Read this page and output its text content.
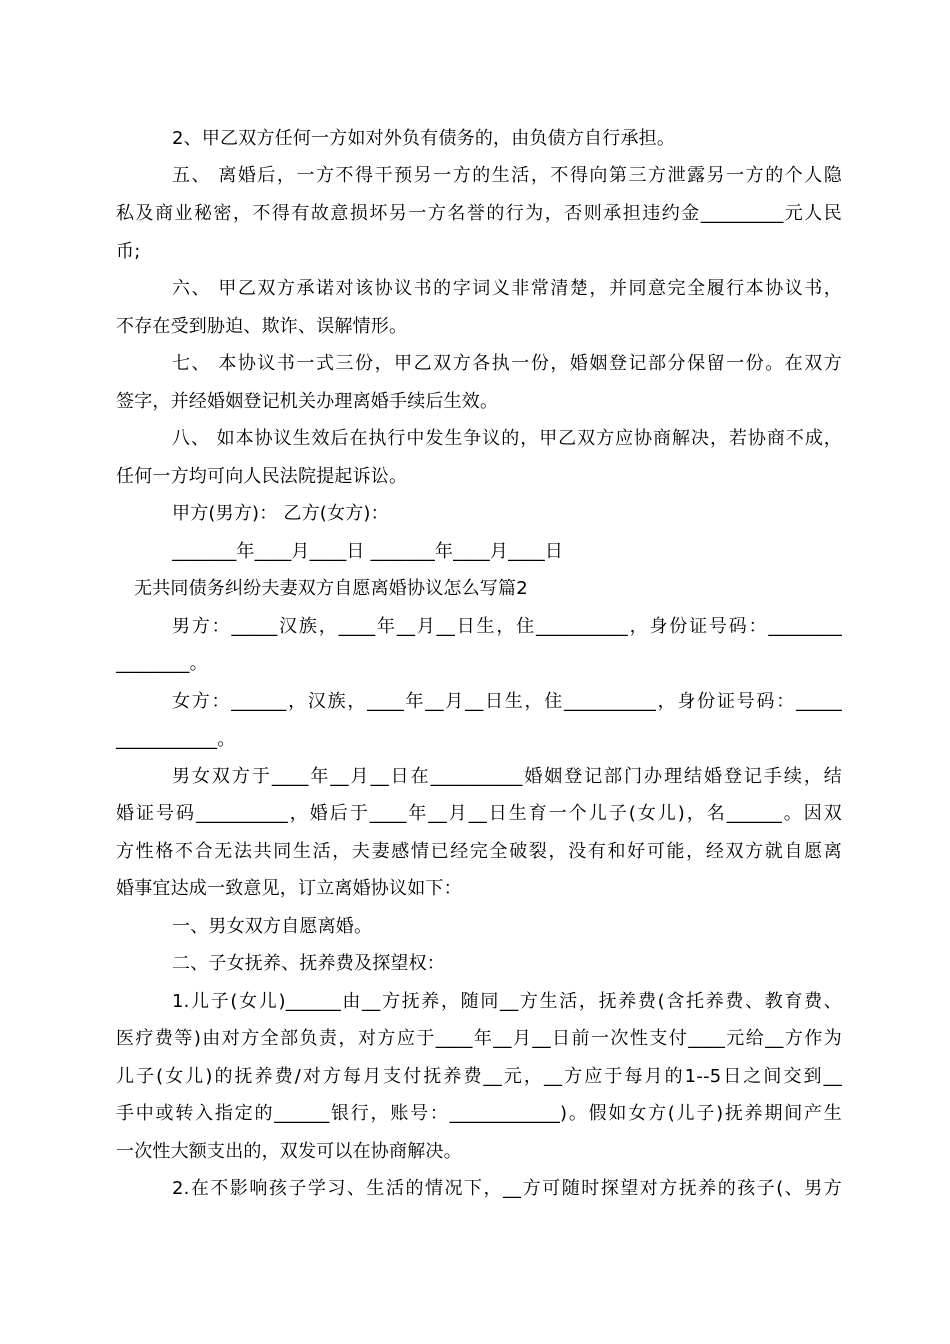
2、甲乙双方任何一方如对外负有债务的，由负债方自行承担。
五、 离婚后，一方不得干预另一方的生活，不得向第三方泄露另一方的个人隐
私及商业秘密，不得有故意损坏另一方名誉的行为，否则承担违约金_________元人民
币;
六、 甲乙双方承诺对该协议书的字词义非常清楚，并同意完全履行本协议书，
不存在受到胁迫、欺诈、误解情形。
七、 本协议书一式三份，甲乙双方各执一份，婚姻登记部分保留一份。在双方
签字，并经婚姻登记机关办理离婚手续后生效。
八、 如本协议生效后在执行中发生争议的，甲乙双方应协商解决，若协商不成，
任何一方均可向人民法院提起诉讼。
甲方(男方)： 乙方(女方)：
_______年____月____日 _______年____月____日
无共同债务纠纷夫妻双方自愿离婚协议怎么写篇2
男方：_____汉族，____年__月__日生，住__________，身份证号码：________
________。
女方：______，汉族，____年__月__日生，住__________，身份证号码：_____
___________。
男女双方于____年__月__日在__________婚姻登记部门办理结婚登记手续，结
婚证号码__________，婚后于____年__月__日生育一个儿子(女儿)，名______。因双
方性格不合无法共同生活，夫妻感情已经完全破裂，没有和好可能，经双方就自愿离
婚事宜达成一致意见，订立离婚协议如下：
一、男女双方自愿离婚。
二、子女抚养、抚养费及探望权：
1.儿子(女儿)______由__方抚养，随同__方生活，抚养费(含托养费、教育费、
医疗费等)由对方全部负责，对方应于____年__月__日前一次性支付____元给__方作为
儿子(女儿)的抚养费/对方每月支付抚养费__元，__方应于每月的1--5日之间交到__
手中或转入指定的______银行，账号：____________)。假如女方(儿子)抚养期间产生
一次性大额支出的，双发可以在协商解决。
2.在不影响孩子学习、生活的情况下，__方可随时探望对方抚养的孩子(、男方
